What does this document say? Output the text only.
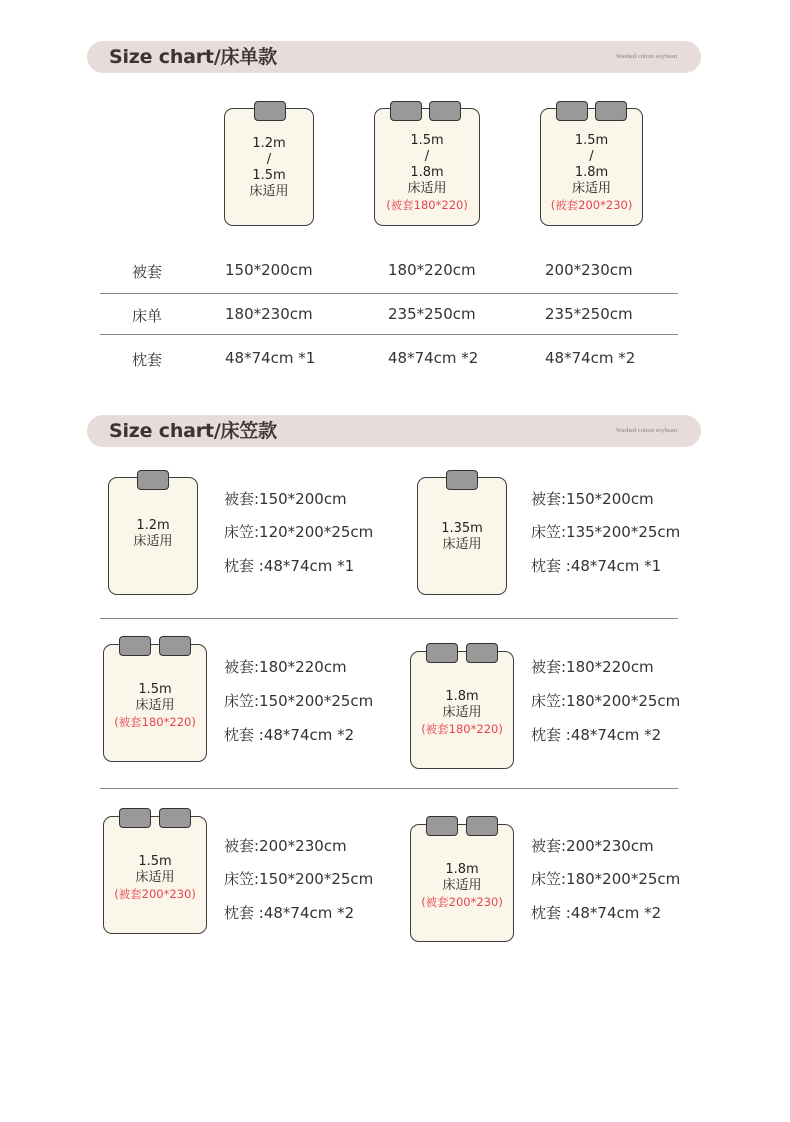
Size chart/床单款	Washed cotton soybean
1.2m
/
1.5m
床适用
1.5m
/
1.8m
床适用
(被套180*220)
1.5m
/
1.8m
床适用
(被套200*230)
被套	150*200cm	180*220cm	200*230cm
床单	180*230cm	235*250cm	235*250cm
枕套	48*74cm *1	48*74cm *2	48*74cm *2
Size chart/床笠款	Washed cotton soybean
1.2m
床适用
被套:150*200cm
床笠:120*200*25cm
枕套 :48*74cm *1
1.35m
床适用
被套:150*200cm
床笠:135*200*25cm
枕套 :48*74cm *1
1.5m
床适用
(被套180*220)
被套:180*220cm
床笠:150*200*25cm
枕套 :48*74cm *2
1.8m
床适用
(被套180*220)
被套:180*220cm
床笠:180*200*25cm
枕套 :48*74cm *2
1.5m
床适用
(被套200*230)
被套:200*230cm
床笠:150*200*25cm
枕套 :48*74cm *2
1.8m
床适用
(被套200*230)
被套:200*230cm
床笠:180*200*25cm
枕套 :48*74cm *2
